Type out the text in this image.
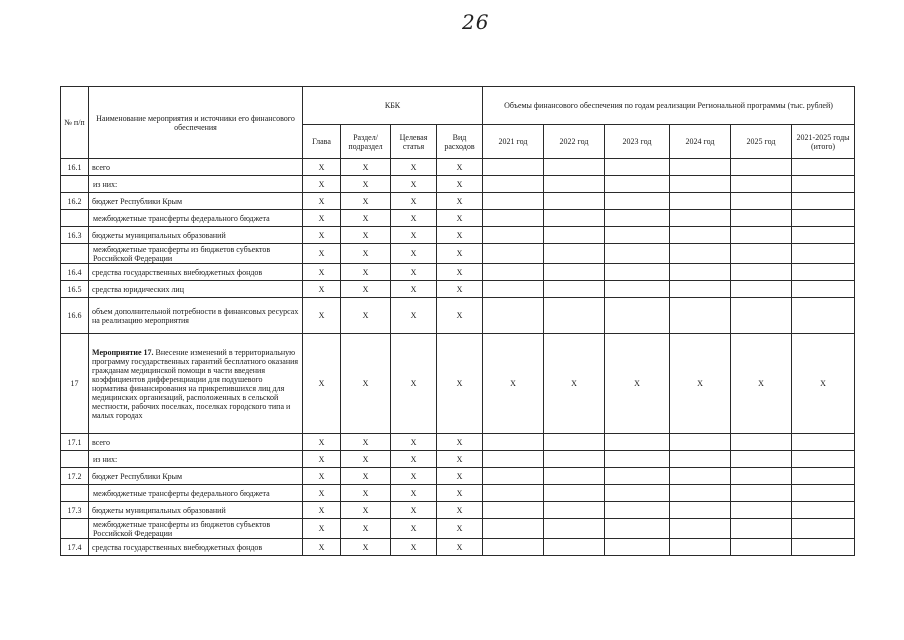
26
№ п/п	Наименование мероприятия и источники его финансового обеспечения	КБК				Объемы финансового обеспечения по годам реализации Региональной программы (тыс. рублей)					
		Глава	Раздел/ подраздел	Целевая статья	Вид расходов	2021 год	2022 год	2023 год	2024 год	2025 год	2021-2025 годы (итого)
16.1	всего	X	X	X	X						
	из них:	X	X	X	X						
16.2	бюджет Республики Крым	X	X	X	X						
	межбюджетные трансферты федерального бюджета	X	X	X	X						
16.3	бюджеты муниципальных образований	X	X	X	X						
	межбюджетные трансферты из бюджетов субъектов Российской Федерации	X	X	X	X						
16.4	средства государственных внебюджетных фондов	X	X	X	X						
16.5	средства юридических лиц	X	X	X	X						
16.6	объем дополнительной потребности в финансовых ресурсах на реализацию мероприятия	X	X	X	X						
17	Мероприятие 17. Внесение изменений в территориальную программу государственных гарантий бесплатного оказания гражданам медицинской помощи в части введения коэффициентов дифференциации для подушевого норматива финансирования на прикрепившихся лиц для медицинских организаций, расположенных в сельской местности, рабочих поселках, поселках городского типа и малых городах	X	X	X	X	X	X	X	X	X	X
17.1	всего	X	X	X	X						
	из них:	X	X	X	X						
17.2	бюджет Республики Крым	X	X	X	X						
	межбюджетные трансферты федерального бюджета	X	X	X	X						
17.3	бюджеты муниципальных образований	X	X	X	X						
	межбюджетные трансферты из бюджетов субъектов Российской Федерации	X	X	X	X						
17.4	средства государственных внебюджетных фондов	X	X	X	X						
